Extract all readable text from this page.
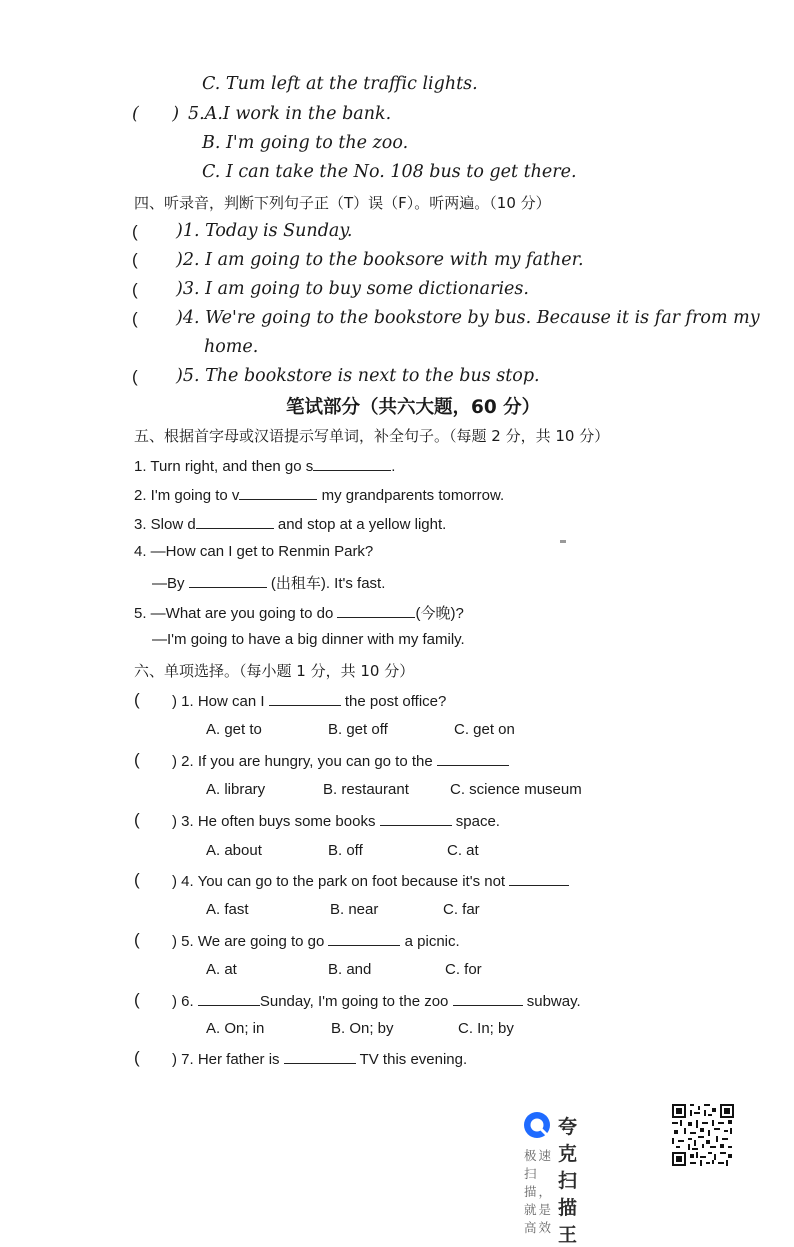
C. Tum left at the traffic lights.
(      ) 5.A.I work in the bank.
B. I'm going to the zoo.
C. I can take the No. 108 bus to get there.
四、听录音，判断下列句子正（T）误（F）。听两遍。（10 分）
( )1. Today is Sunday.
( )2. I am going to the booksore with my father.
( )3. I am going to buy some dictionaries.
( )4. We're going to the bookstore by bus. Because it is far from my
home.
( )5. The bookstore is next to the bus stop.
笔试部分（共六大题，60 分）
五、根据首字母或汉语提示写单词，补全句子。（每题 2 分，共 10 分）
1. Turn right, and then go s	.
2. I'm going to v	my grandparents tomorrow.
3. Slow d	and stop at a yellow light.
4. —How can I get to Renmin Park?
—By	(出租车). It's fast.
5. —What are you going to do	(今晚)?
—I'm going to have a big dinner with my family.
六、单项选择。（每小题 1 分，共 10 分）
( ) 1. How can I	the post office?
A. get to	B. get off	C. get on
( ) 2. If you are hungry, you can go to the
A. library	B. restaurant	C. science museum
( ) 3. He often buys some books	space.
A. about	B. off	C. at
( ) 4. You can go to the park on foot because it's not
A. fast	B. near	C. far
( ) 5. We are going to go	a picnic.
A. at	B. and	C. for
( ) 6.	Sunday, I'm going to the zoo	subway.
A. On; in	B. On; by	C. In; by
( ) 7. Her father is	TV this evening.
夸克扫描王
极速扫描，就是高效
